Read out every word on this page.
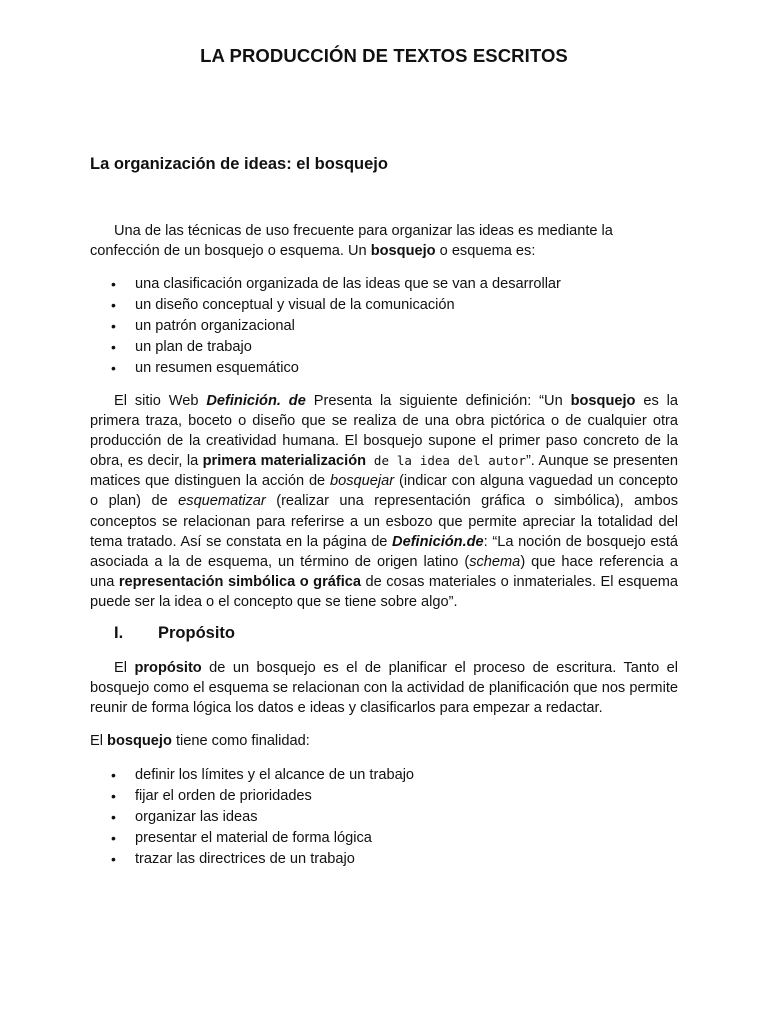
LA PRODUCCIÓN DE TEXTOS ESCRITOS
La organización de ideas: el bosquejo

Una de las técnicas de uso frecuente para organizar las ideas es mediante la confección de un bosquejo o esquema. Un bosquejo o esquema es:

• una clasificación organizada de las ideas que se van a desarrollar
• un diseño conceptual y visual de la comunicación
• un patrón organizacional
• un plan de trabajo
• un resumen esquemático

El sitio Web Definición. de Presenta la siguiente definición: “Un bosquejo es la primera traza, boceto o diseño que se realiza de una obra pictórica o de cualquier otra producción de la creatividad humana. El bosquejo supone el primer paso concreto de la obra, es decir, la primera materialización de la idea del autor”. Aunque se presenten matices que distinguen la acción de bosquejar (indicar con alguna vaguedad un concepto o plan) de esquematizar (realizar una representación gráfica o simbólica), ambos conceptos se relacionan para referirse a un esbozo que permite apreciar la totalidad del tema tratado. Así se constata en la página de Definición.de: “La noción de bosquejo está asociada a la de esquema, un término de origen latino (schema) que hace referencia a una representación simbólica o gráfica de cosas materiales o inmateriales. El esquema puede ser la idea o el concepto que se tiene sobre algo”.

I. Propósito

El propósito de un bosquejo es el de planificar el proceso de escritura. Tanto el bosquejo como el esquema se relacionan con la actividad de planificación que nos permite reunir de forma lógica los datos e ideas y clasificarlos para empezar a redactar.

El bosquejo tiene como finalidad:

• definir los límites y el alcance de un trabajo
• fijar el orden de prioridades
• organizar las ideas
• presentar el material de forma lógica
• trazar las directrices de un trabajo
